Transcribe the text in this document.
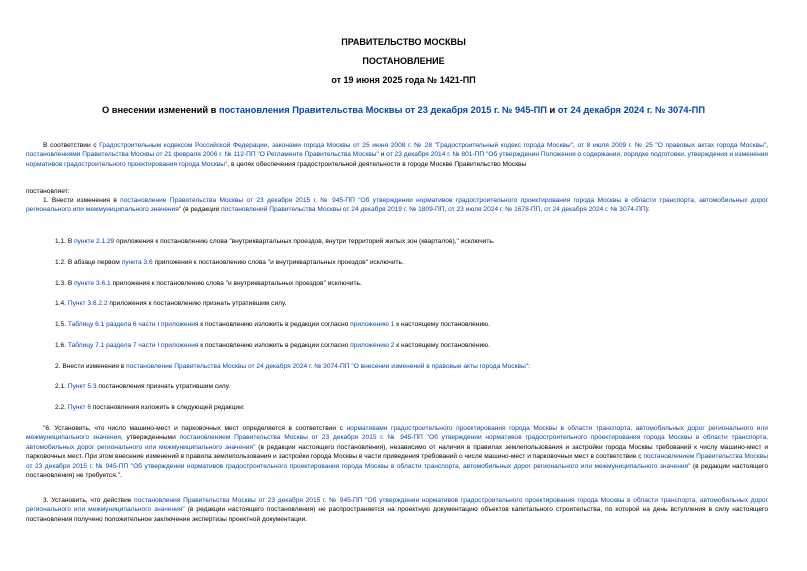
ПРАВИТЕЛЬСТВО МОСКВЫ
ПОСТАНОВЛЕНИЕ
от 19 июня 2025 года № 1421-ПП
О внесении изменений в постановления Правительства Москвы от 23 декабря 2015 г. № 945-ПП и от 24 декабря 2024 г. № 3074-ПП

В соответствии с Градостроительным кодексом Российской Федерации, законами города Москвы от 25 июня 2008 г. № 28 "Градостроительный кодекс города Москвы", от 8 июля 2009 г. № 25 "О правовых актах города Москвы", постановлениями Правительства Москвы от 21 февраля 2006 г. № 112-ПП "О Регламенте Правительства Москвы" и от 23 декабря 2014 г. № 801-ПП "Об утверждении Положения о содержании, порядке подготовки, утверждения и изменения нормативов градостроительного проектирования города Москвы", в целях обеспечения градостроительной деятельности в городе Москве Правительство Москвы

постановляет:

1. Внести изменения в постановление Правительства Москвы от 23 декабря 2015 г. № 945-ПП "Об утверждении нормативов градостроительного проектирования города Москвы в области транспорта, автомобильных дорог регионального или межмуниципального значения" (в редакции постановлений Правительства Москвы от 24 декабря 2019 г. № 1809-ПП, от 23 июля 2024 г. № 1678-ПП, от 24 декабря 2024 г. № 3074-ПП):

1.1. В пункте 2.1.29 приложения к постановлению слова "внутриквартальных проездов, внутри территорий жилых зон (кварталов)," исключить.

1.2. В абзаце первом пункта 3.6 приложения к постановлению слова "и внутриквартальных проездов" исключить.

1.3. В пункте 3.6.1 приложения к постановлению слова "и внутриквартальных проездов" исключить.

1.4. Пункт 3.6.2.2 приложения к постановлению признать утратившим силу.

1.5. Таблицу 6.1 раздела 6 части I приложения к постановлению изложить в редакции согласно приложению 1 к настоящему постановлению.

1.6. Таблицу 7.1 раздела 7 части I приложения к постановлению изложить в редакции согласно приложению 2 к настоящему постановлению.

2. Внести изменения в постановление Правительства Москвы от 24 декабря 2024 г. № 3074-ПП "О внесении изменений в правовые акты города Москвы":

2.1. Пункт 5.3 постановления признать утратившим силу.

2.2. Пункт 6 постановления изложить в следующей редакции:

"6. Установить, что число машино-мест и парковочных мест определяется в соответствии с нормативами градостроительного проектирования города Москвы в области транспорта, автомобильных дорог регионального или межмуниципального значения, утвержденными постановлением Правительства Москвы от 23 декабря 2015 г. № 945-ПП "Об утверждении нормативов градостроительного проектирования города Москвы в области транспорта, автомобильных дорог регионального или межмуниципального значения" (в редакции настоящего постановления), независимо от наличия в правилах землепользования и застройки города Москвы требований к числу машино-мест и парковочных мест. При этом внесение изменений в правила землепользования и застройки города Москвы в части приведения требований о числе машино-мест и парковочных мест в соответствие с постановлением Правительства Москвы от 23 декабря 2015 г. № 945-ПП "Об утверждении нормативов градостроительного проектирования города Москвы в области транспорта, автомобильных дорог регионального или межмуниципального значения" (в редакции настоящего постановления) не требуется.".

3. Установить, что действие постановления Правительства Москвы от 23 декабря 2015 г. № 945-ПП "Об утверждении нормативов градостроительного проектирования города Москвы в области транспорта, автомобильных дорог регионального или межмуниципального значения" (в редакции настоящего постановления) не распространяется на проектную документацию объектов капитального строительства, по которой на день вступления в силу настоящего постановления получено положительное заключение экспертизы проектной документации.
